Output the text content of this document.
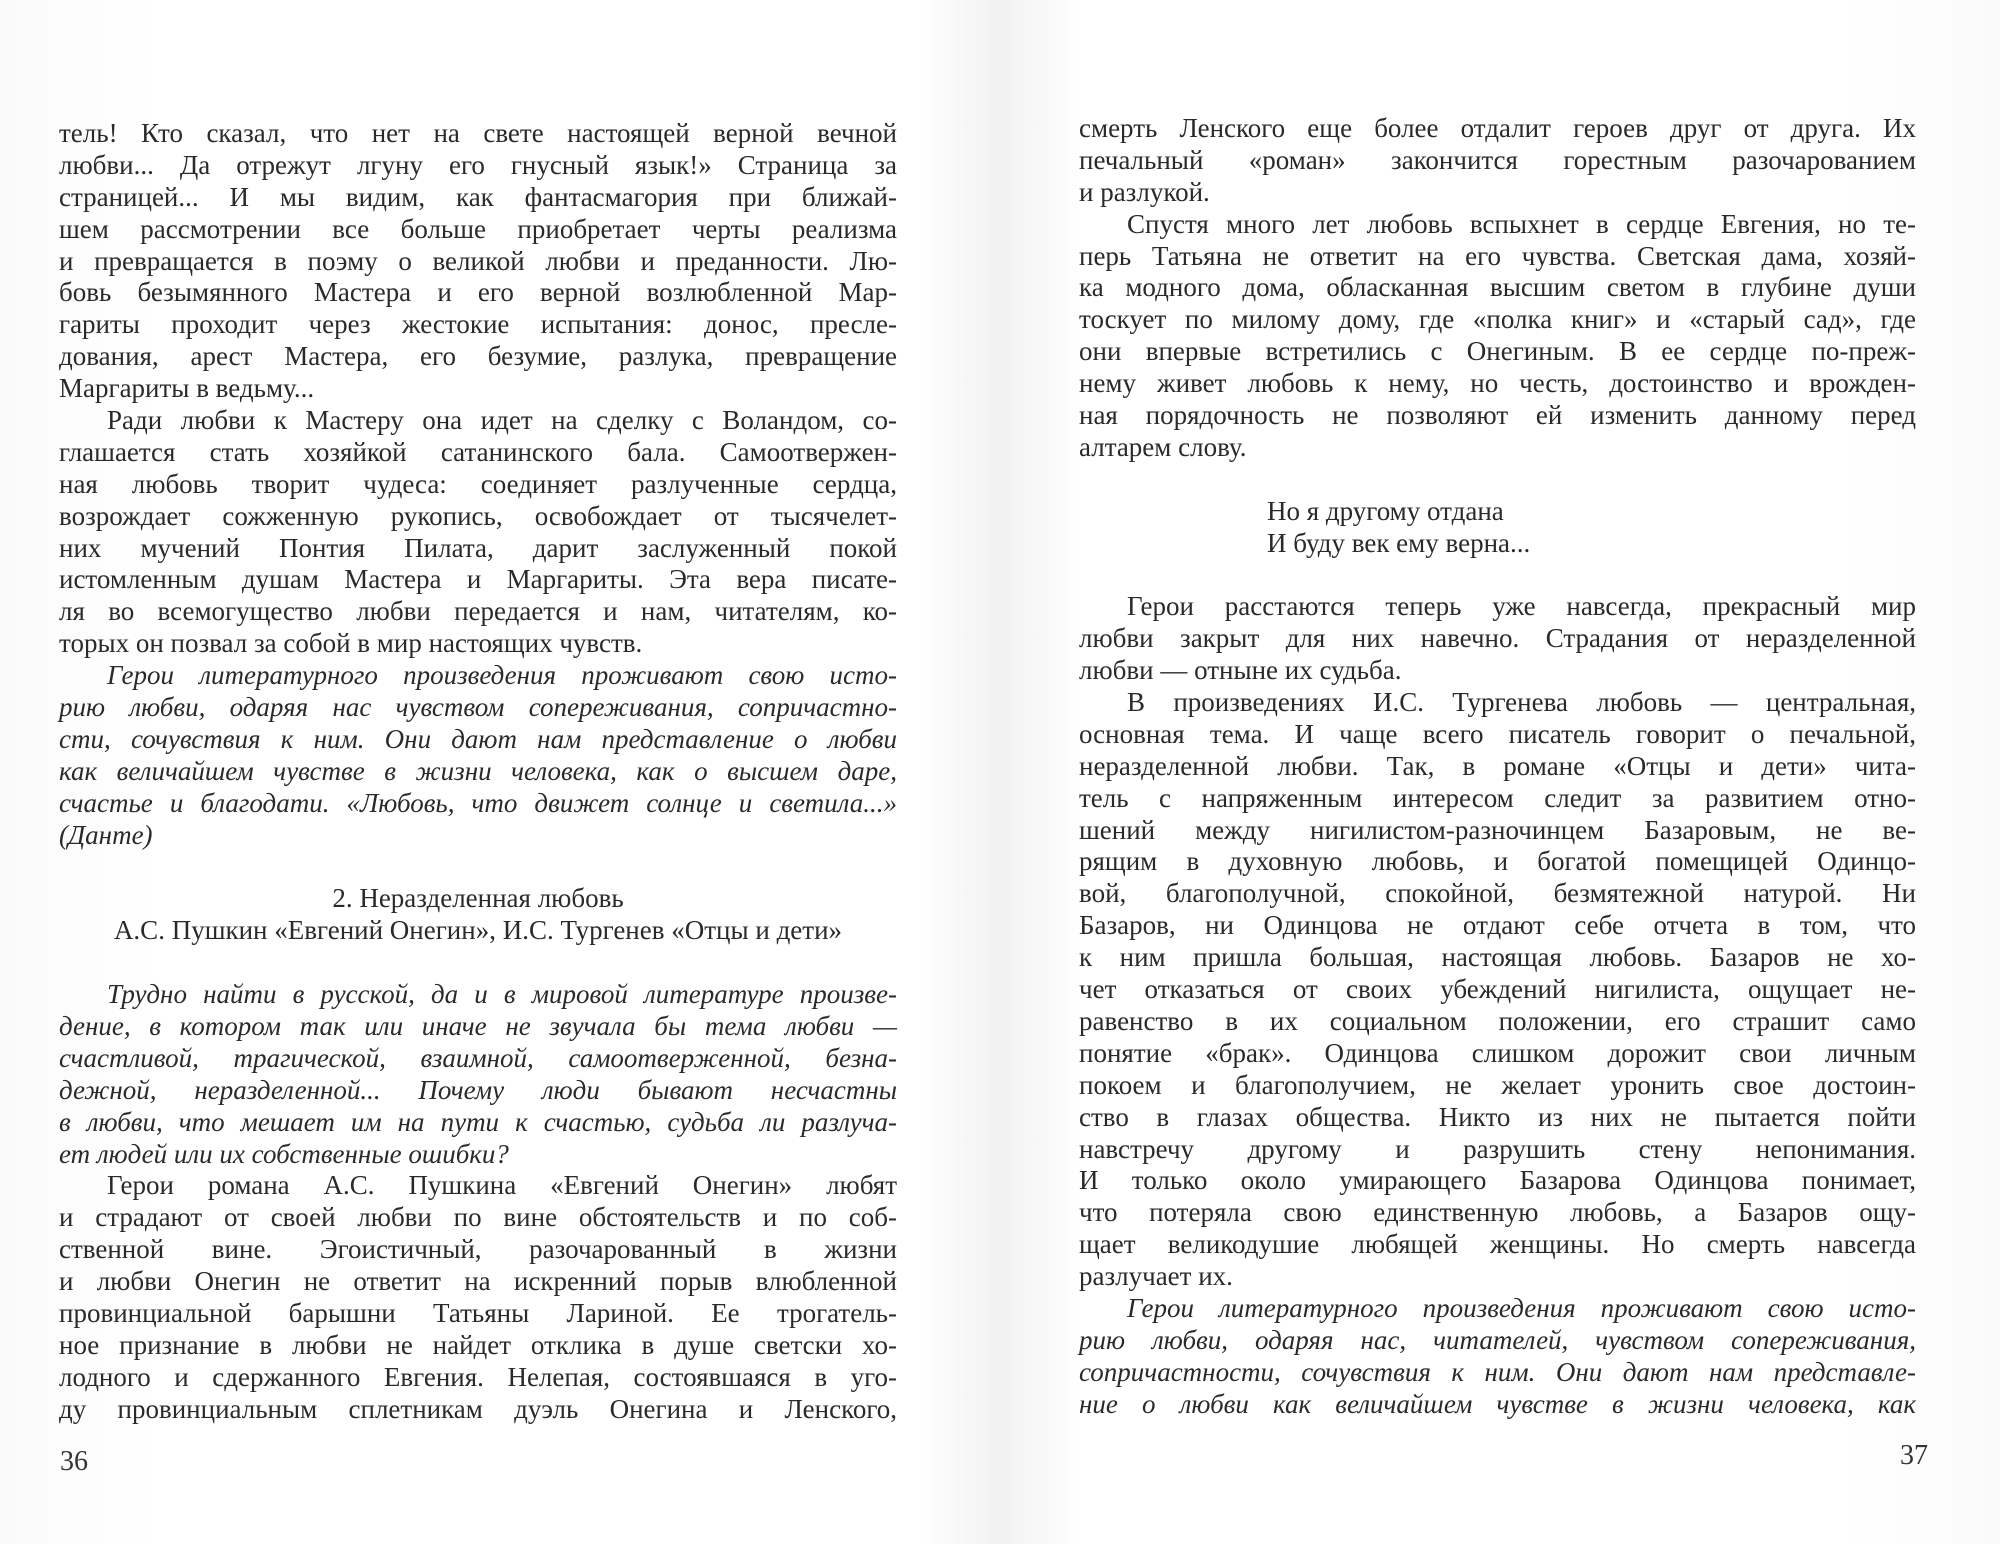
тель! Кто сказал, что нет на свете настоящей верной вечной
любви... Да отрежут лгуну его гнусный язык!» Страница за
страницей... И мы видим, как фантасмагория при ближай-
шем рассмотрении все больше приобретает черты реализма
и превращается в поэму о великой любви и преданности. Лю-
бовь безымянного Мастера и его верной возлюбленной Мар-
гариты проходит через жестокие испытания: донос, пресле-
дования, арест Мастера, его безумие, разлука, превращение
Маргариты в ведьму...
Ради любви к Мастеру она идет на сделку с Воландом, со-
глашается стать хозяйкой сатанинского бала. Самоотвержен-
ная любовь творит чудеса: соединяет разлученные сердца,
возрождает сожженную рукопись, освобождает от тысячелет-
них мучений Понтия Пилата, дарит заслуженный покой
истомленным душам Мастера и Маргариты. Эта вера писате-
ля во всемогущество любви передается и нам, читателям, ко-
торых он позвал за собой в мир настоящих чувств.
Герои литературного произведения проживают свою исто-
рию любви, одаряя нас чувством сопереживания, сопричастно-
сти, сочувствия к ним. Они дают нам представление о любви
как величайшем чувстве в жизни человека, как о высшем даре,
счастье и благодати. «Любовь, что движет солнце и светила...»
(Данте)
2. Неразделенная любовь
А.С. Пушкин «Евгений Онегин», И.С. Тургенев «Отцы и дети»
Трудно найти в русской, да и в мировой литературе произве-
дение, в котором так или иначе не звучала бы тема любви —
счастливой, трагической, взаимной, самоотверженной, безна-
дежной, неразделенной... Почему люди бывают несчастны
в любви, что мешает им на пути к счастью, судьба ли разлуча-
ет людей или их собственные ошибки?
Герои романа А.С. Пушкина «Евгений Онегин» любят
и страдают от своей любви по вине обстоятельств и по соб-
ственной вине. Эгоистичный, разочарованный в жизни
и любви Онегин не ответит на искренний порыв влюбленной
провинциальной барышни Татьяны Лариной. Ее трогатель-
ное признание в любви не найдет отклика в душе светски хо-
лодного и сдержанного Евгения. Нелепая, состоявшаяся в уго-
ду провинциальным сплетникам дуэль Онегина и Ленского,
36
смерть Ленского еще более отдалит героев друг от друга. Их
печальный «роман» закончится горестным разочарованием
и разлукой.
Спустя много лет любовь вспыхнет в сердце Евгения, но те-
перь Татьяна не ответит на его чувства. Светская дама, хозяй-
ка модного дома, обласканная высшим светом в глубине души
тоскует по милому дому, где «полка книг» и «старый сад», где
они впервые встретились с Онегиным. В ее сердце по-преж-
нему живет любовь к нему, но честь, достоинство и врожден-
ная порядочность не позволяют ей изменить данному перед
алтарем слову.
Но я другому отдана
И буду век ему верна...
Герои расстаются теперь уже навсегда, прекрасный мир
любви закрыт для них навечно. Страдания от неразделенной
любви — отныне их судьба.
В произведениях И.С. Тургенева любовь — центральная,
основная тема. И чаще всего писатель говорит о печальной,
неразделенной любви. Так, в романе «Отцы и дети» чита-
тель с напряженным интересом следит за развитием отно-
шений между нигилистом-разночинцем Базаровым, не ве-
рящим в духовную любовь, и богатой помещицей Одинцо-
вой, благополучной, спокойной, безмятежной натурой. Ни
Базаров, ни Одинцова не отдают себе отчета в том, что
к ним пришла большая, настоящая любовь. Базаров не хо-
чет отказаться от своих убеждений нигилиста, ощущает не-
равенство в их социальном положении, его страшит само
понятие «брак». Одинцова слишком дорожит свои личным
покоем и благополучием, не желает уронить свое достоин-
ство в глазах общества. Никто из них не пытается пойти
навстречу другому и разрушить стену непонимания.
И только около умирающего Базарова Одинцова понимает,
что потеряла свою единственную любовь, а Базаров ощу-
щает великодушие любящей женщины. Но смерть навсегда
разлучает их.
Герои литературного произведения проживают свою исто-
рию любви, одаряя нас, читателей, чувством сопереживания,
сопричастности, сочувствия к ним. Они дают нам представле-
ние о любви как величайшем чувстве в жизни человека, как
37
